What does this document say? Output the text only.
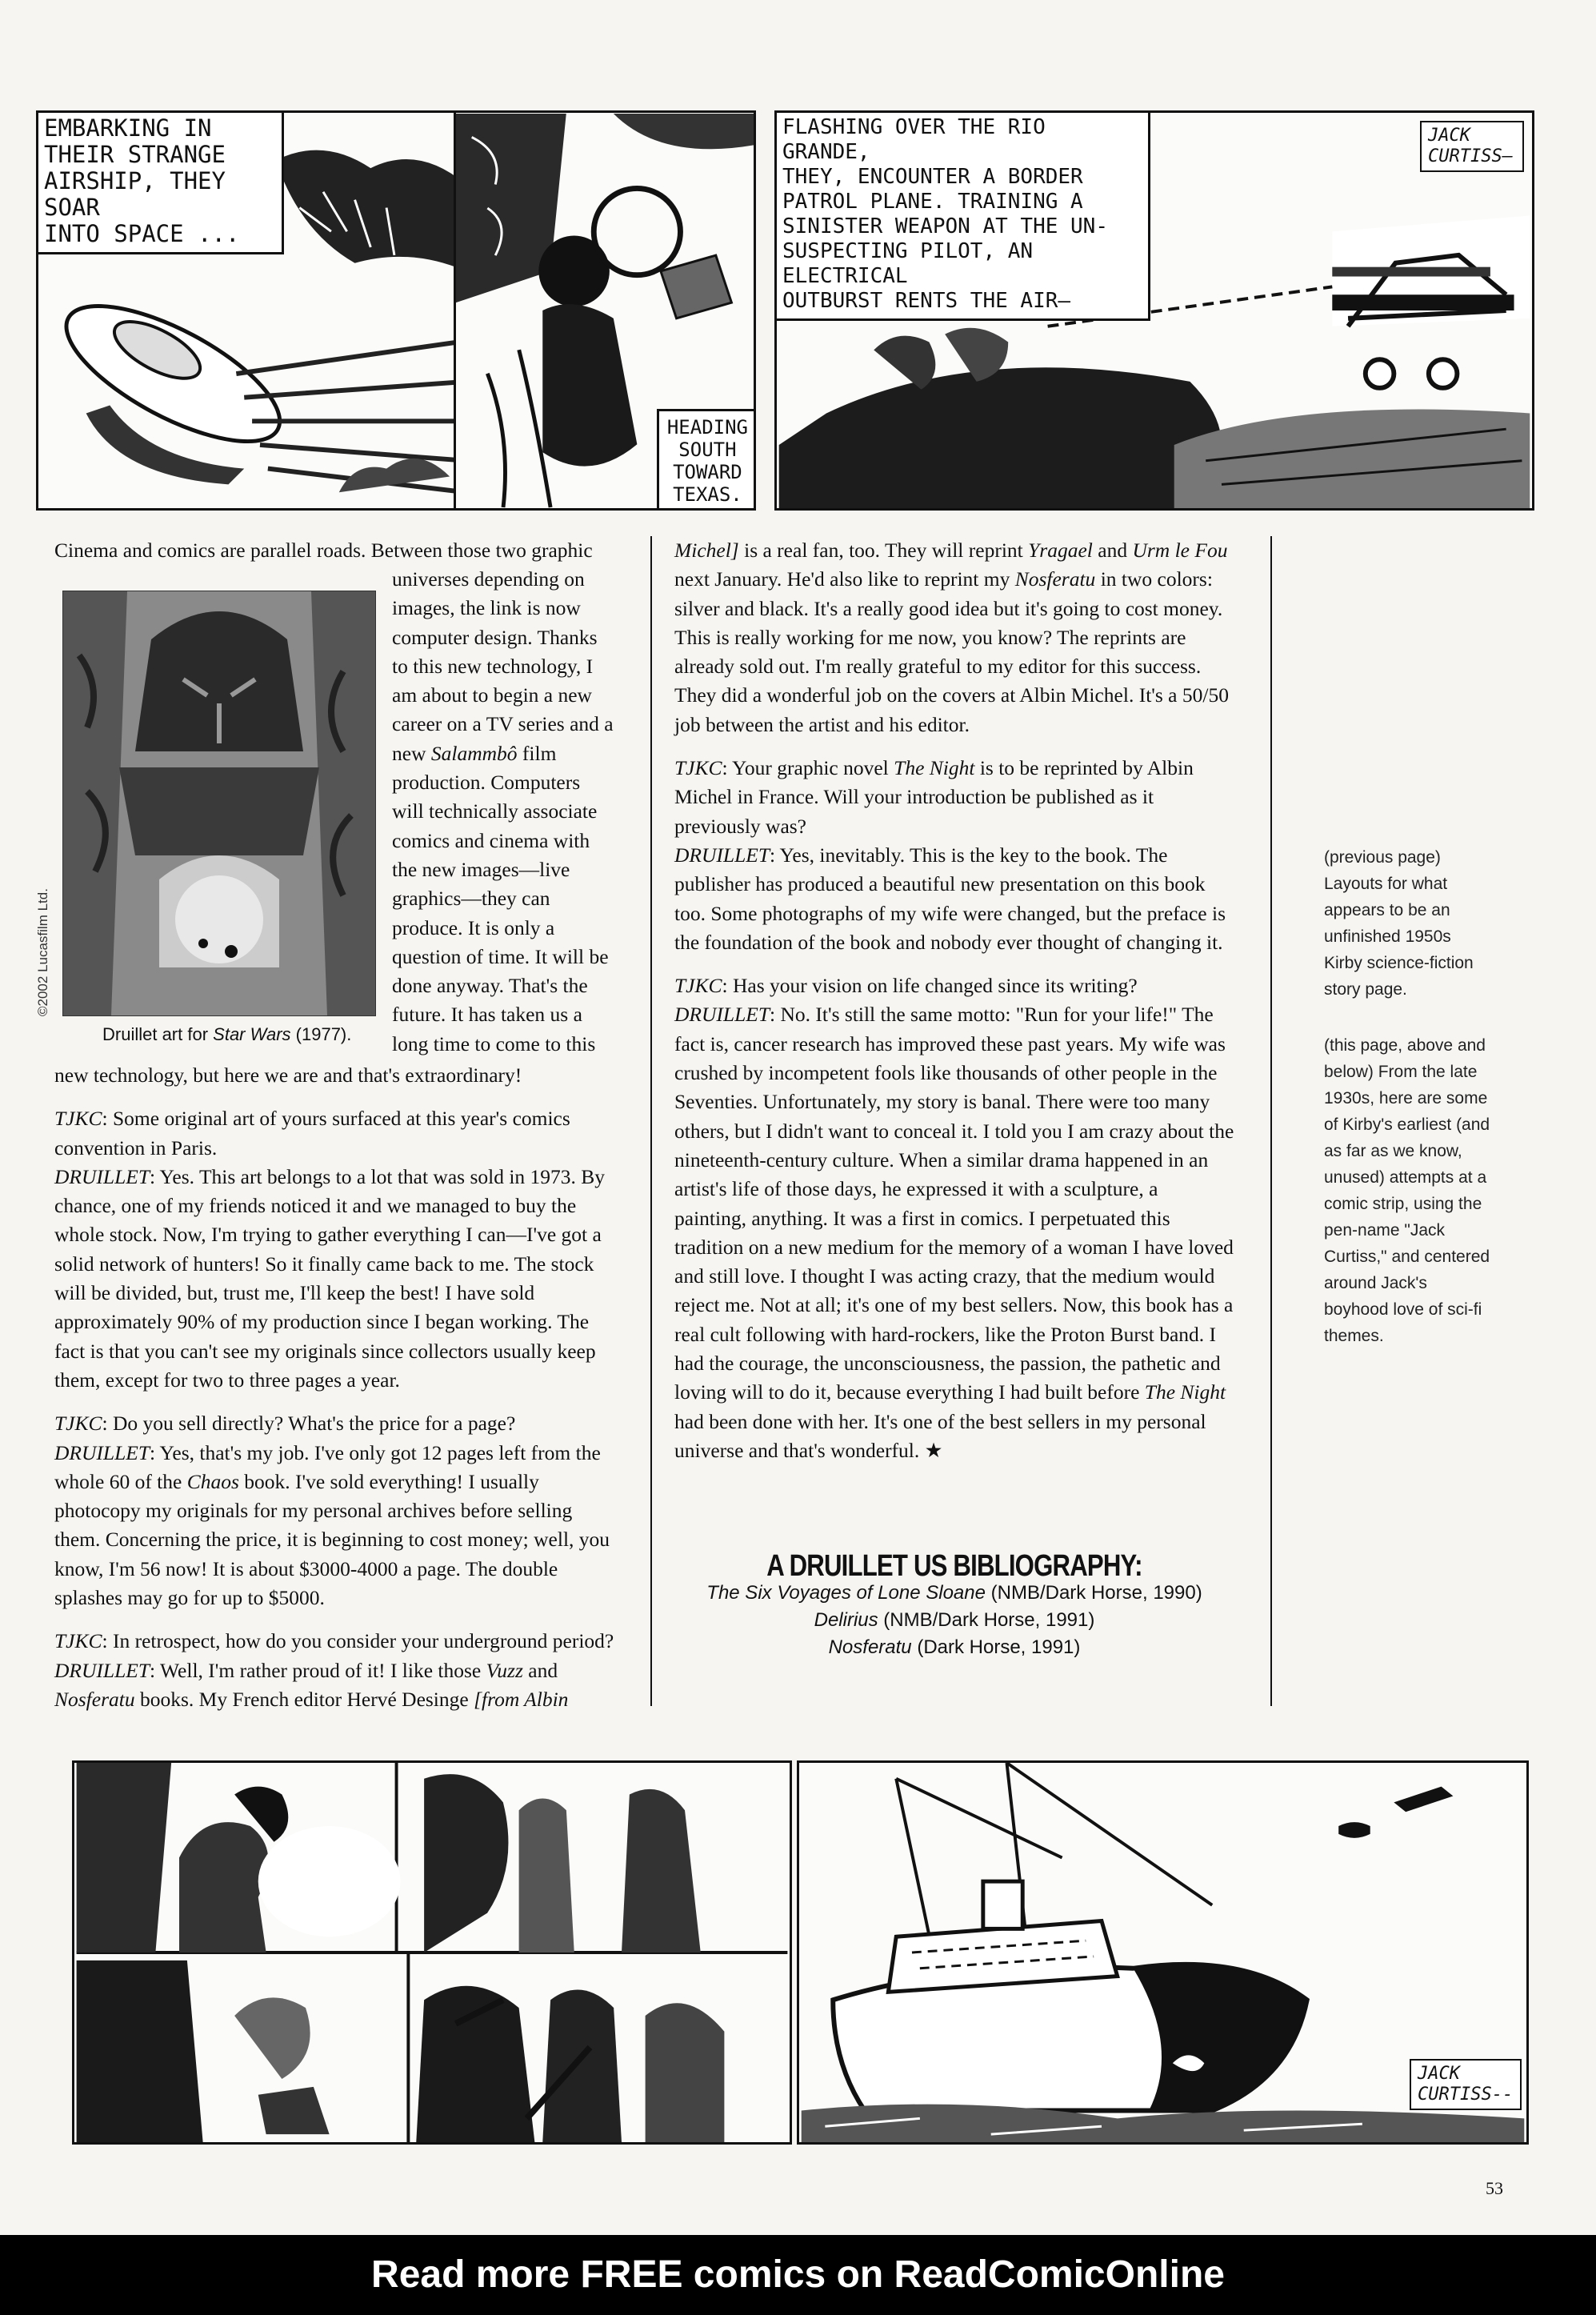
EMBARKING IN
THEIR STRANGE
AIRSHIP, THEY SOAR
INTO SPACE ...
HEADING
SOUTH
TOWARD
TEXAS.
FLASHING OVER THE RIO GRANDE,
THEY, ENCOUNTER A BORDER
PATROL PLANE. TRAINING A
SINISTER WEAPON AT THE UN-
SUSPECTING PILOT, AN ELECTRICAL
OUTBURST RENTS THE AIR—
JACK
CURTISS—
Cinema and comics are parallel roads. Between those two graphic
©2002 Lucasfilm Ltd.
Druillet art for Star Wars (1977).
universes depending on images, the link is now computer design. Thanks to this new technology, I am about to begin a new career on a TV series and a new Salammbô film production. Computers will technically associate comics and cinema with the new images—live graphics—they can produce. It is only a question of time. It will be done anyway. That's the future. It has taken us a long time to come to this

new technology, but here we are and that's extraordinary!

TJKC: Some original art of yours surfaced at this year's comics convention in Paris.

DRUILLET: Yes. This art belongs to a lot that was sold in 1973. By chance, one of my friends noticed it and we managed to buy the whole stock. Now, I'm trying to gather everything I can—I've got a solid network of hunters! So it finally came back to me. The stock will be divided, but, trust me, I'll keep the best! I have sold approximately 90% of my production since I began working. The fact is that you can't see my originals since collectors usually keep them, except for two to three pages a year.

TJKC: Do you sell directly? What's the price for a page?

DRUILLET: Yes, that's my job. I've only got 12 pages left from the whole 60 of the Chaos book. I've sold everything! I usually photocopy my originals for my personal archives before selling them. Concerning the price, it is beginning to cost money; well, you know, I'm 56 now! It is about $3000-4000 a page. The double splashes may go for up to $5000.

TJKC: In retrospect, how do you consider your underground period?

DRUILLET: Well, I'm rather proud of it! I like those Vuzz and Nosferatu books. My French editor Hervé Desinge [from Albin

Michel] is a real fan, too. They will reprint Yragael and Urm le Fou next January. He'd also like to reprint my Nosferatu in two colors: silver and black. It's a really good idea but it's going to cost money. This is really working for me now, you know? The reprints are already sold out. I'm really grateful to my editor for this success. They did a wonderful job on the covers at Albin Michel. It's a 50/50 job between the artist and his editor.

TJKC: Your graphic novel The Night is to be reprinted by Albin Michel in France. Will your introduction be published as it previously was?

DRUILLET: Yes, inevitably. This is the key to the book. The publisher has produced a beautiful new presentation on this book too. Some photographs of my wife were changed, but the preface is the foundation of the book and nobody ever thought of changing it.

TJKC: Has your vision on life changed since its writing?

DRUILLET: No. It's still the same motto: "Run for your life!" The fact is, cancer research has improved these past years. My wife was crushed by incompetent fools like thousands of other people in the Seventies. Unfortunately, my story is banal. There were too many others, but I didn't want to conceal it. I told you I am crazy about the nineteenth-century culture. When a similar drama happened in an artist's life of those days, he expressed it with a sculpture, a painting, anything. It was a first in comics. I perpetuated this tradition on a new medium for the memory of a woman I have loved and still love. I thought I was acting crazy, that the medium would reject me. Not at all; it's one of my best sellers. Now, this book has a real cult following with hard-rockers, like the Proton Burst band. I had the courage, the unconsciousness, the passion, the pathetic and loving will to do it, because everything I had built before The Night had been done with her. It's one of the best sellers in my personal universe and that's wonderful. ★

A DRUILLET US BIBLIOGRAPHY:
The Six Voyages of Lone Sloane (NMB/Dark Horse, 1990)
Delirius (NMB/Dark Horse, 1991)
Nosferatu (Dark Horse, 1991)
(previous page) Layouts for what appears to be an unfinished 1950s Kirby science-fiction story page.
(this page, above and below) From the late 1930s, here are some of Kirby's earliest (and as far as we know, unused) attempts at a comic strip, using the pen-name "Jack Curtiss," and centered around Jack's boyhood love of sci-fi themes.
JACK
CURTISS--
53
Read more FREE comics on ReadComicOnline
